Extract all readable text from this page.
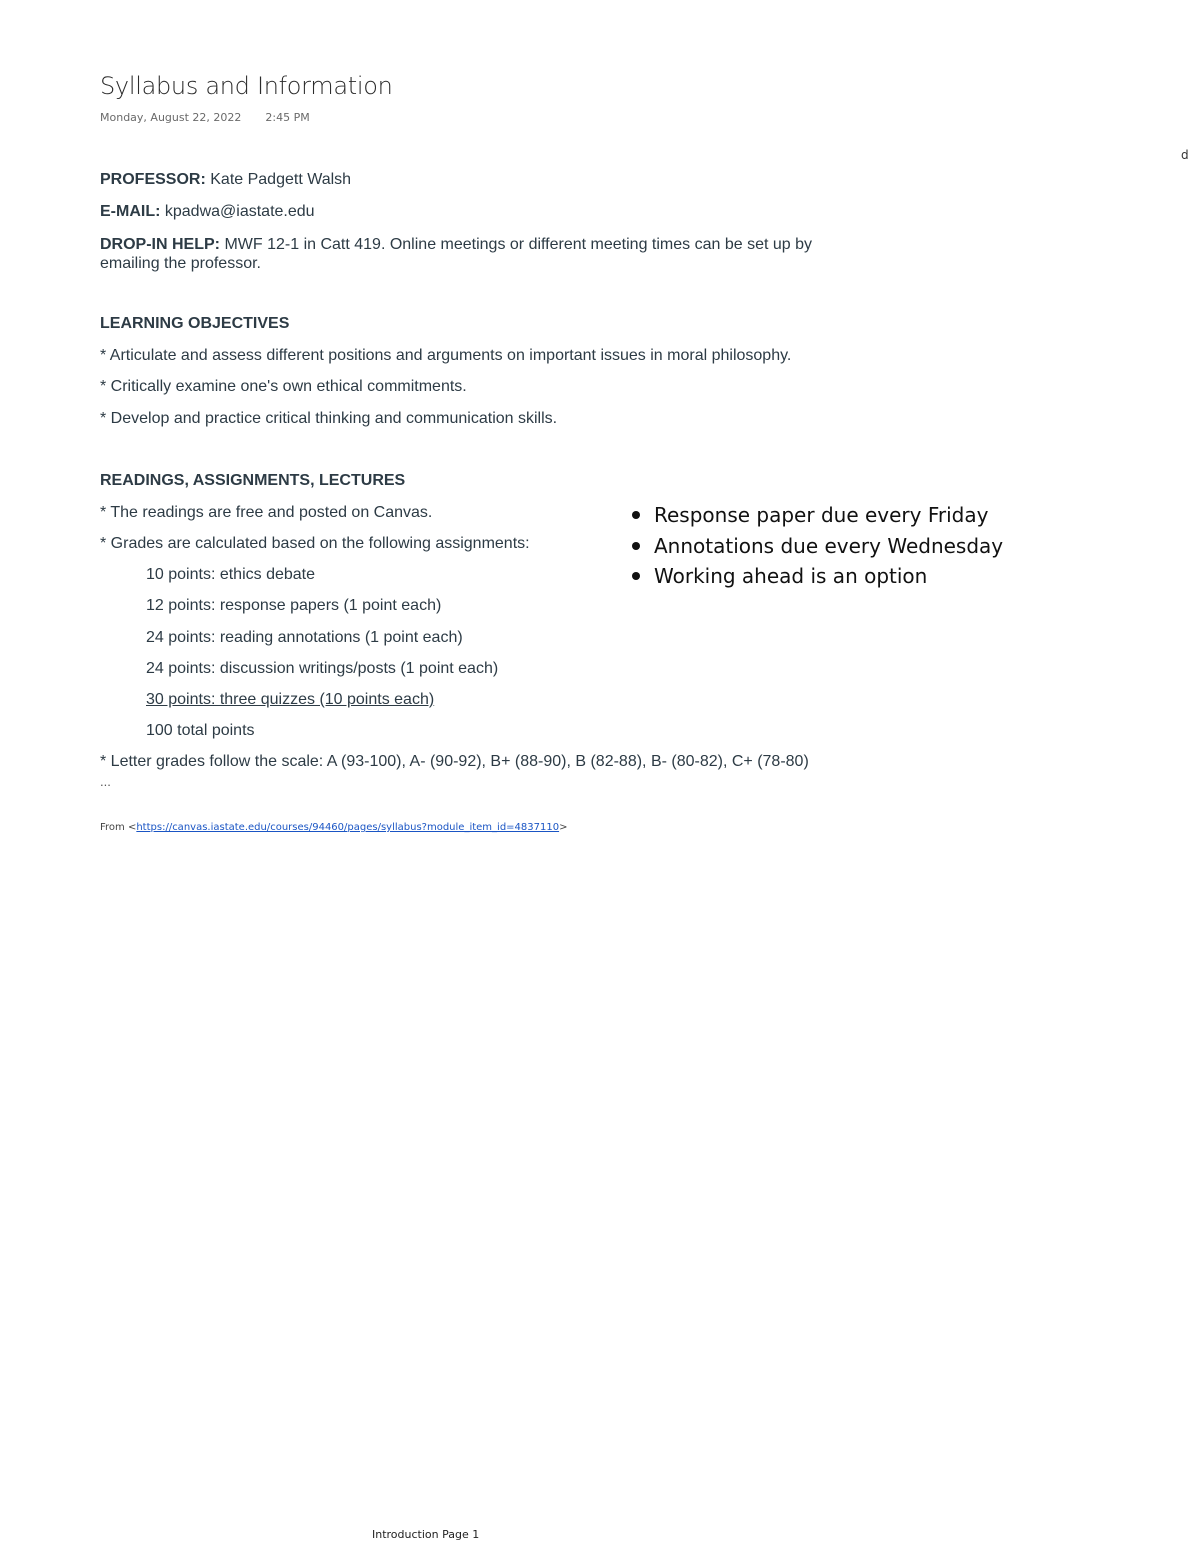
Syllabus and Information
Monday, August 22, 2022 2:45 PM
d
PROFESSOR: Kate Padgett Walsh
E-MAIL: kpadwa@iastate.edu
DROP-IN HELP: MWF 12-1 in Catt 419. Online meetings or different meeting times can be set up by emailing the professor.
LEARNING OBJECTIVES
* Articulate and assess different positions and arguments on important issues in moral philosophy.
* Critically examine one's own ethical commitments.
* Develop and practice critical thinking and communication skills.
READINGS, ASSIGNMENTS, LECTURES
* The readings are free and posted on Canvas.
* Grades are calculated based on the following assignments:
10 points: ethics debate
12 points: response papers (1 point each)
24 points: reading annotations (1 point each)
24 points: discussion writings/posts (1 point each)
30 points: three quizzes (10 points each)
100 total points
* Letter grades follow the scale: A (93-100), A- (90-92), B+ (88-90), B (82-88), B- (80-82), C+ (78-80)
...
From <https://canvas.iastate.edu/courses/94460/pages/syllabus?module_item_id=4837110>
Response paper due every Friday
Annotations due every Wednesday
Working ahead is an option
Introduction Page 1
